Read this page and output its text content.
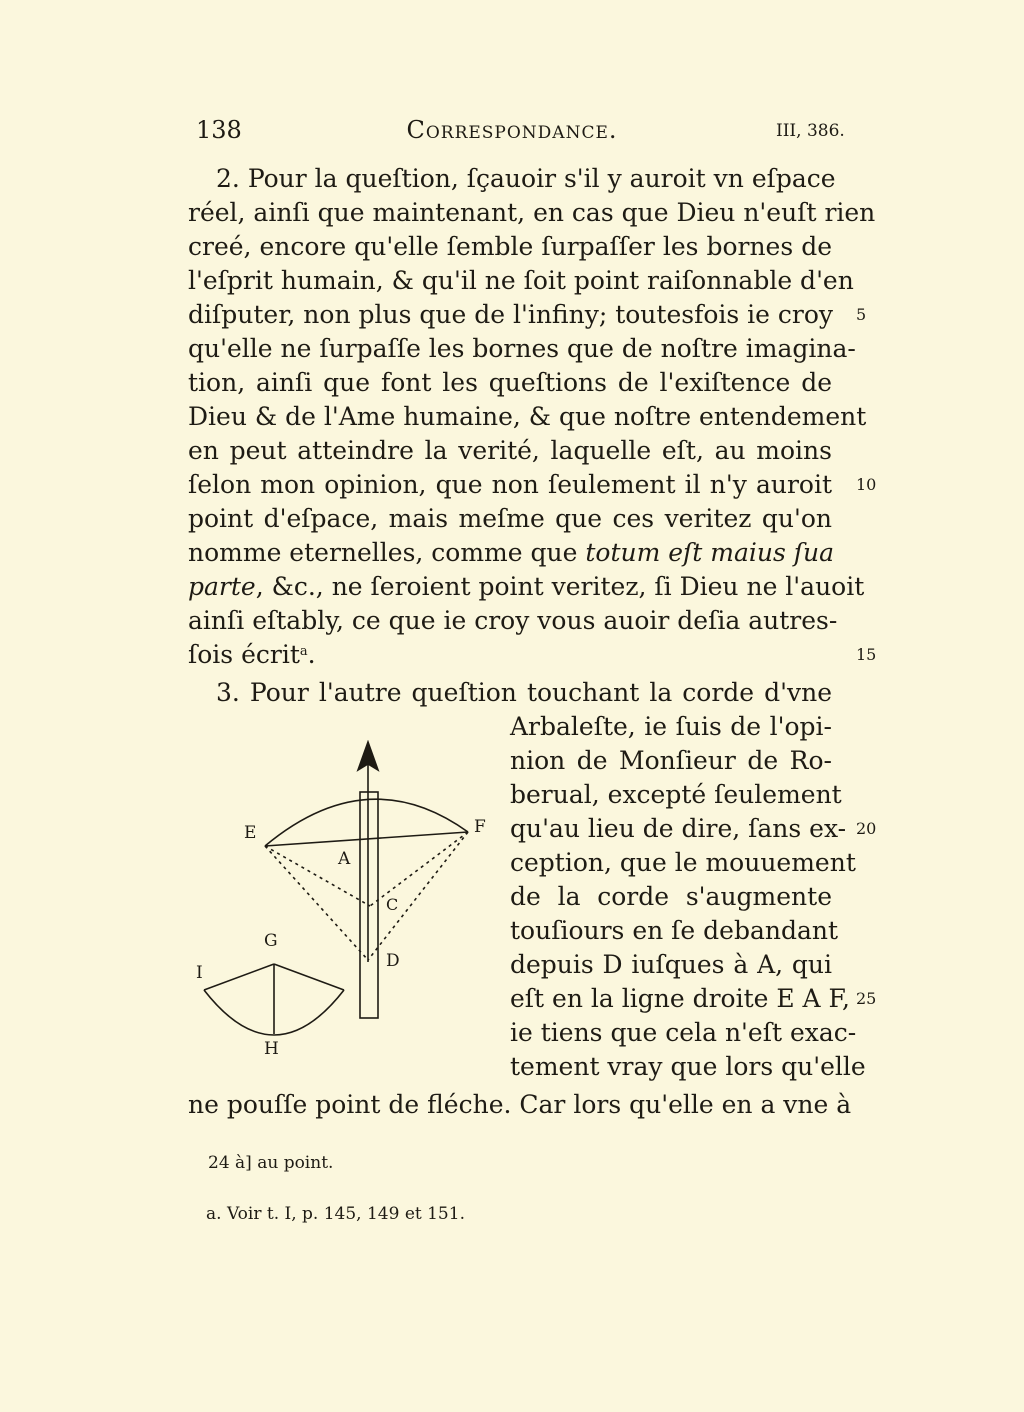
138	Correspondance.	III, 386.
2. Pour la queſtion, ſçauoir s'il y auroit vn eſpace
réel, ainſi que maintenant, en cas que Dieu n'euſt rien
creé, encore qu'elle ſemble ſurpaſſer les bornes de
l'eſprit humain, & qu'il ne ſoit point raiſonnable d'en
diſputer, non plus que de l'infiny; toutesfois ie croy
qu'elle ne ſurpaſſe les bornes que de noſtre imagina-
tion, ainſi que font les queſtions de l'exiſtence de
Dieu & de l'Ame humaine, & que noſtre entendement
en peut atteindre la verité, laquelle eſt, au moins
ſelon mon opinion, que non ſeulement il n'y auroit
point d'eſpace, mais meſme que ces veritez qu'on
nomme eternelles, comme que totum eſt maius ſua
parte, &c., ne ſeroient point veritez, ſi Dieu ne l'auoit
ainſi eſtably, ce que ie croy vous auoir deſia autres-
ſois écrit$^a$.
3. Pour l'autre queſtion touchant la corde d'vne
Arbaleſte, ie ſuis de l'opi-
nion de Monſieur de Ro-
berual, excepté ſeulement
qu'au lieu de dire, ſans ex-
ception, que le mouuement
de la corde s'augmente
touſiours en ſe debandant
depuis D iuſques à A, qui
eſt en la ligne droite E A F,
ie tiens que cela n'eſt exac-
tement vray que lors qu'elle
ne pouſſe point de fléche. Car lors qu'elle en a vne à
5
10
15
20
25
E	F
A
C
D
G
I
H
24 à] au point.
a. Voir t. I, p. 145, 149 et 151.
